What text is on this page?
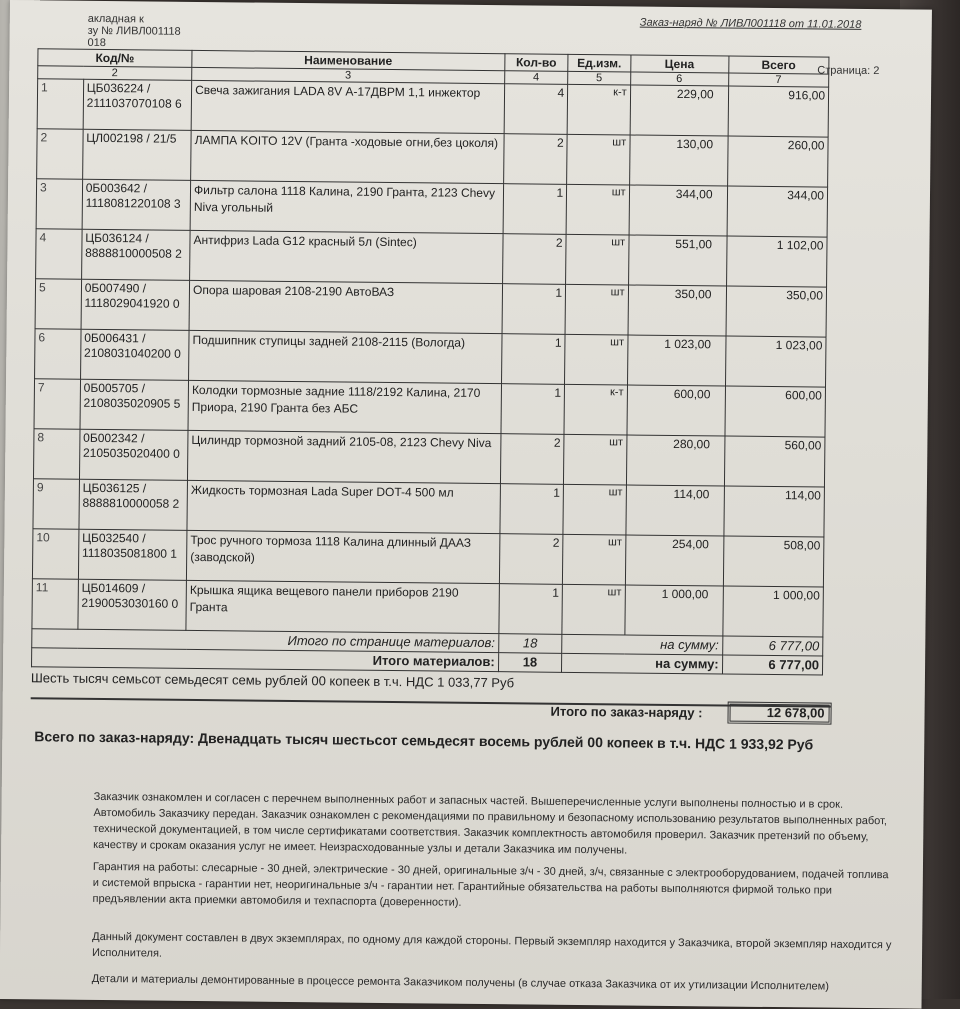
акладная к
зу № ЛИВЛ001118
018
Заказ-наряд № ЛИВЛ001118 от 11.01.2018
Страница: 2
Код/№		Наименование	Кол-во	Ед.изм.	Цена	Всего
2		3	4	5	6	7
1	ЦБ036224 / 2111037070108 6	Свеча зажигания LADA 8V А-17ДВРМ 1,1 инжектор	4	к-т	229,00	916,00
2	ЦЛ002198 / 21/5	ЛАМПА KOITO 12V (Гранта -ходовые огни,без цоколя)	2	шт	130,00	260,00
3	0Б003642 / 1118081220108 3	Фильтр салона 1118 Калина, 2190 Гранта, 2123 Chevy Niva угольный	1	шт	344,00	344,00
4	ЦБ036124 / 8888810000508 2	Антифриз Lada G12 красный 5л (Sintec)	2	шт	551,00	1 102,00
5	0Б007490 / 1118029041920 0	Опора шаровая 2108-2190 АвтоВАЗ	1	шт	350,00	350,00
6	0Б006431 / 2108031040200 0	Подшипник ступицы задней 2108-2115 (Вологда)	1	шт	1 023,00	1 023,00
7	0Б005705 / 2108035020905 5	Колодки тормозные задние 1118/2192 Калина, 2170 Приора, 2190 Гранта без АБС	1	к-т	600,00	600,00
8	0Б002342 / 2105035020400 0	Цилиндр тормозной задний 2105-08, 2123 Chevy Niva	2	шт	280,00	560,00
9	ЦБ036125 / 8888810000058 2	Жидкость тормозная Lada Super DOT-4 500 мл	1	шт	114,00	114,00
10	ЦБ032540 / 1118035081800 1	Трос ручного тормоза 1118 Калина длинный ДААЗ (заводской)	2	шт	254,00	508,00
11	ЦБ014609 / 2190053030160 0	Крышка ящика вещевого панели приборов 2190 Гранта	1	шт	1 000,00	1 000,00
Итого по странице материалов:			18	на сумму:		6 777,00
Итого материалов:			18	на сумму:		6 777,00
Шесть тысяч семьсот семьдесят семь рублей 00 копеек в т.ч. НДС 1 033,77 Руб
Итого по заказ-наряду :	12 678,00
Всего по заказ-наряду: Двенадцать тысяч шестьсот семьдесят восемь рублей 00 копеек в т.ч. НДС 1 933,92 Руб
Заказчик ознакомлен и согласен с перечнем выполненных работ и запасных частей. Вышеперечисленные услуги выполнены полностью и в срок. Автомобиль Заказчику передан. Заказчик ознакомлен с рекомендациями по правильному и безопасному использованию результатов выполненных работ, технической документацией, в том числе сертификатами соответствия. Заказчик комплектность автомобиля проверил. Заказчик претензий по объему, качеству и срокам оказания услуг не имеет. Неизрасходованные узлы и детали Заказчика им получены.
Гарантия на работы: слесарные - 30 дней, электрические - 30 дней, оригинальные з/ч - 30 дней, з/ч, связанные с электрооборудованием, подачей топлива и системой впрыска - гарантии нет, неоригинальные з/ч - гарантии нет. Гарантийные обязательства на работы выполняются фирмой только при предъявлении акта приемки автомобиля и техпаспорта (доверенности).
Данный документ составлен в двух экземплярах, по одному для каждой стороны. Первый экземпляр находится у Заказчика, второй экземпляр находится у Исполнителя.
Детали и материалы демонтированные в процессе ремонта Заказчиком получены (в случае отказа Заказчика от их утилизации Исполнителем)
